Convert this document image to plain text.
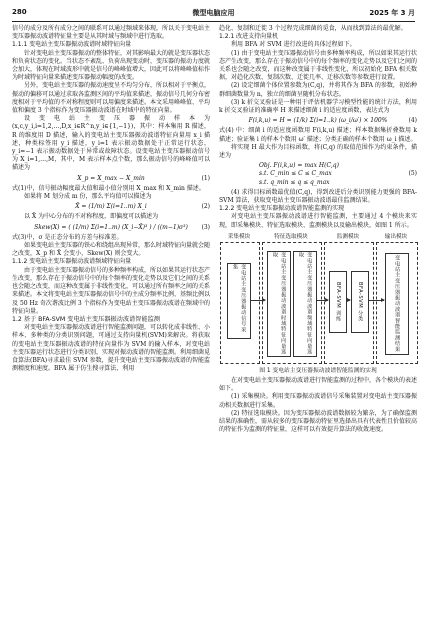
280	微型电脑应用	2025 年 3 月

信号的成分及所有成分之间的联系可以通过频域来体现，所以关于变电站主变压器振动波谱特征量主要是从其时域与频域中进行选取。

1.1.1 变电站主变压器振动波谱时域特征向量

针对变电站主变压器振动的整体特征，对其影响最大的就是变压器状态和负荷状态的变化。当状态不紊乱、负荷出现变动时，变压器的振动力度就会加大，体现在时域波形中就是信号的峰峰值增大，因此可以将峰峰值标作为时域特征向量来描述变压器振动幅度的改变。

另外，变电站主变压器的振动速度呈不均匀分布，所以相对于平衡点，振动的偏移可以通过求取各监测区间的平均值来描述，振动信号几何分布密度相对于平均值的不对称程度则可以用偏度来描述。本文采用峰峰值、平均值和偏度 3 个指标作为变压器振动波谱在时域中的特征向量。

设变电站主变压器振动样本为(x,c,y_i,i=1,2,…,D,x_i∈R^n,y_i∈{1,−1})，其中：样本集用 R 描述，R 的维度用 D 描述，输入的变电站主变压器振动波谱特征向量用 x_i 描述，种类标签用 y_i 描述，y_i=1 表示振动数据处于正常运行状态，y_i=−1 表示振动数据处于异常或故障状态。设变电站主变压器振动信号为 X_i=1,…,M，其中，M 表示样本点个数，那么振动信号的峰峰值可以描述为

X_p = X_max − X_min	(1)

式(1)中，信号振动幅度最大值和最小值分别用 X_max 和 X_min 描述。

如果将 M 划分成 m 份，那么平均值可以描述为

X̄ = (1/m) Σ(i=1..m) X_i	(2)

以 X̄ 为中心分布的不对称程度，即偏度可以描述为

Skew(X) = ( (1/m) Σ(i=1..m) (X_i−X̄)³ ) / ((m−1)σ³) (3)

式(3)中，σ 是正态分布的方差与标准差。

如果变电站主变压器的铁心和绕组出现异常，那么时域特征向量就会随之改变，X_p 和 X̄ 会变小，Skew(X) 则会变大。

1.1.2 变电站主变压器振动波谱频域特征向量

由于变电站主变压器振动信号的多种频率构成，所以如果其运行状态产生改变，那么存在于振动信号中的每个频率的变化走势以及它们之间的关系也会随之改变，而这种改变属于非线性变化，可以通过所有频率之间的关系来描述。本文将变电站主变压器振动信号中的主成分频率比例、基频比例以及 50 Hz 奇次谐波比例 3 个指标作为变电站主变压器振动波谱在频域中的特征向量。

1.2 基于 BFA-SVM 变电站主变压器振动波谱智能监测

对变电站主变压器振动波谱进行智能监测问题，可以转化成非线性、小样本、多种类的分类识别问题，可通过支持向量机(SVM)来解决。将获取的变电站主变压器振动波谱的特征向量作为 SVM 的输入样本，对变电站主变压器运行状态进行分类识别，实现对振动波谱的智能监测。利用细菌觅食算法(BFA)寻求最佳 SVM 参数，提升变电站主变压器振动波谱的智能监测精度和速度。BFA 属于仿生搜寻算法，利用

趋化、复制和迁徙 3 个过程完成细菌的觅食，从而找到算法的最优解。

1.2.1 改进支持向量机

利用 BFA 对 SVM 进行改进的具体过程如下。

(1) 由于变电站主变压器振动信号由多种频率构成，所以如果其运行状态产生改变，那么存在于振动信号中的每个频率的变化走势以及它们之间的关系也会随之改变，而这种改变属于非线性变化，所以初始化 BFA 相关数据，对趋化次数、复制次数、迁徙几率、迁移次数等参数进行设置。

(2) 设定细菌个体位置参数为(C,q)，并将其作为 BFA 的参数，初始种群细菌数量为 n，独立的细菌呈随机分布状态。

(3) k 折交叉验证是一种用于评估机器学习模型性能的统计方法，利用 k 折交叉验证的准确率 H 来描述细菌 i 的适应度函数，表达式为

F(i,k,u) = H = (1/k) Σ(i=1..k) (ω_i/ω′) × 100%	(4)

式(4) 中：细菌 i 的适应度函数用 F(i,k,u) 描述；样本数据集折叠数用 k 描述；验证集 i 的样本个数用 ω′ 描述；分类正确的样本个数用 ω_i 描述。

将实现 H 最大作为目标函数，将(C,q) 的取值范围作为约束条件，描述为

Obj. F(i,k,u) = max H(C,q)
s.t. C_min ≤ C ≤ C_max
s.t. q_min ≤ q ≤ q_max
(5)

(4) 求得目标函数最优值(C,q)，得到改进后分类识别能力更强的 BFA-SVM 算法，获取变电站主变压器振动波谱最佳监测结果。

1.2.2 变电站主变压器振动波谱智能监测的实现

对变电站主变压器振动波谱进行智能监测，主要通过 4 个模块来实现，即采集模块、特征选取模块、监测模块以及输出模块，如图 1 所示。

采集模块	特征选取模块	监测模块	输出模块
变电站主变压器振动信号采集	变电站主变压器振动波谱时域特征向量选取	变电站主变压器振动波谱频域特征向量选取
BFA-SVM 训练	BFA-SVM 分类	变电站主变压器振动波谱智能监测结果

图 1 变电站主变压器振动波谱智能监测的实现

在对变电站主变压器振动波谱进行智能监测的过程中，各个模块的表述如下。

(1) 采集模块。利用变压器振动波谱信号采集装置对变电站主变压器振动相关数据进行采集。

(2) 特征选取模块。因为变压器振动波谱数据较为繁杂，为了确保监测结果的准确性，需从较多的变压器振动特征里选择出具有代表性且价值较高的特征作为监测的特征量，这样可以有效提升算法的收敛速度。
